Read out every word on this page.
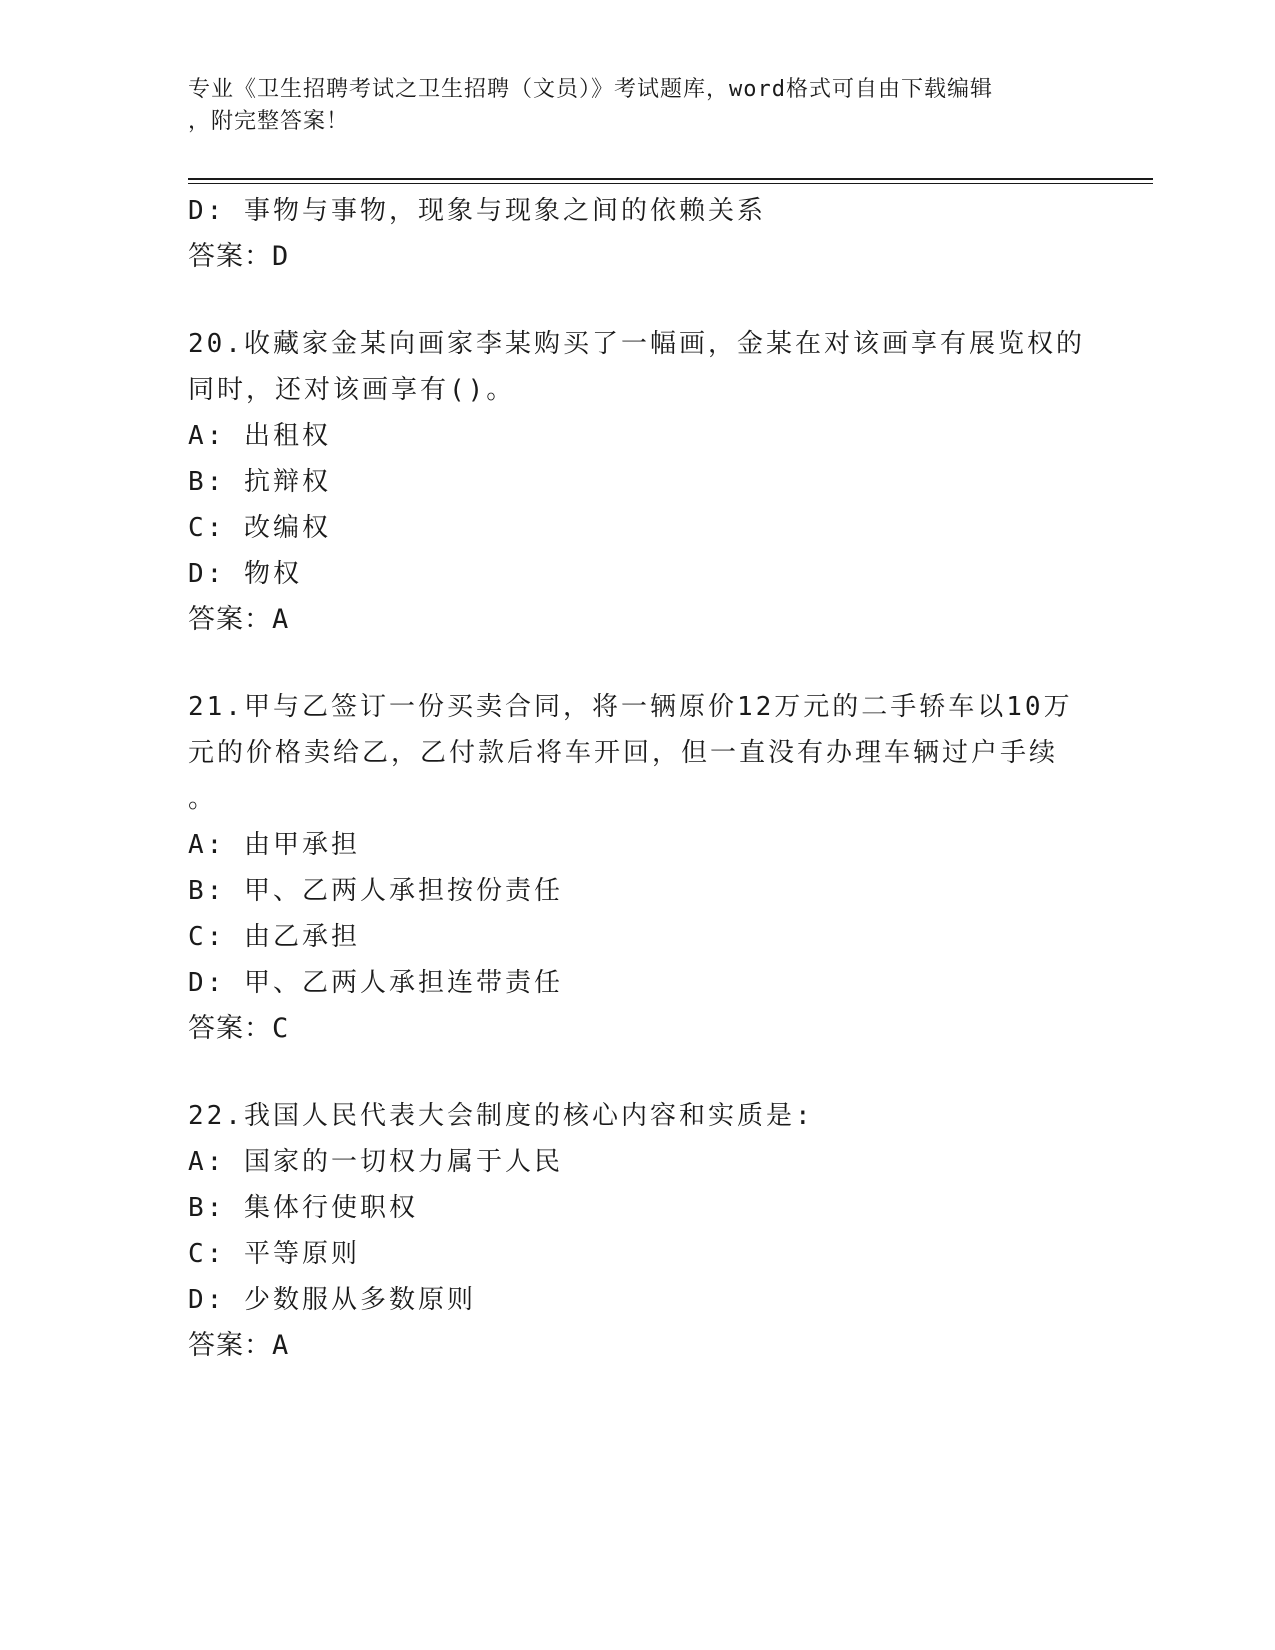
专业《卫生招聘考试之卫生招聘（文员）》考试题库，word格式可自由下载编辑
，附完整答案！
D: 事物与事物，现象与现象之间的依赖关系
答案：D
20.收藏家金某向画家李某购买了一幅画，金某在对该画享有展览权的
同时，还对该画享有()。
A: 出租权
B: 抗辩权
C: 改编权
D: 物权
答案：A
21.甲与乙签订一份买卖合同，将一辆原价12万元的二手轿车以10万
元的价格卖给乙，乙付款后将车开回，但一直没有办理车辆过户手续
。
A: 由甲承担
B: 甲、乙两人承担按份责任
C: 由乙承担
D: 甲、乙两人承担连带责任
答案：C
22.我国人民代表大会制度的核心内容和实质是:
A: 国家的一切权力属于人民
B: 集体行使职权
C: 平等原则
D: 少数服从多数原则
答案：A
